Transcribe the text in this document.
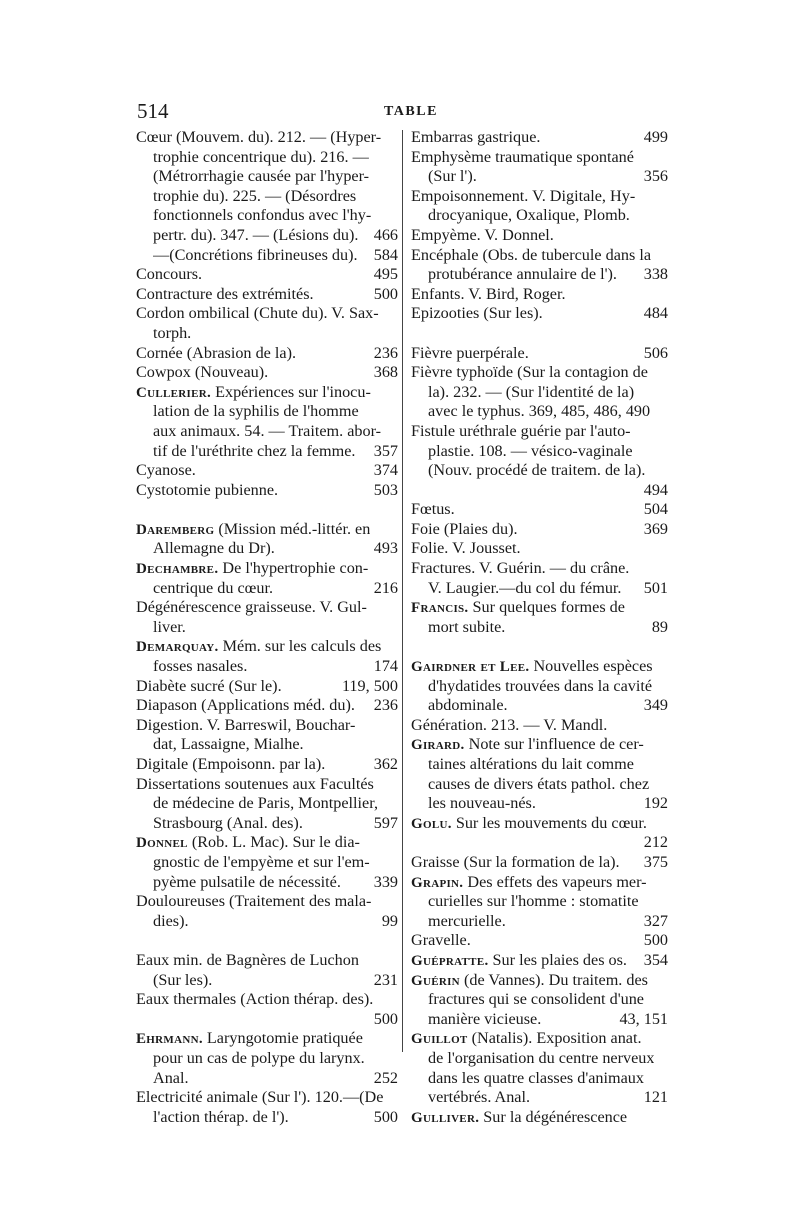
514	TABLE
Cœur (Mouvem. du). 212. — (Hyper-
trophie concentrique du). 216. —
(Métrorrhagie causée par l'hyper-
trophie du). 225. — (Désordres
fonctionnels confondus avec l'hy-
pertr. du). 347. — (Lésions du). 466
—(Concrétions fibrineuses du). 584
Concours.	495
Contracture des extrémités.	500
Cordon ombilical (Chute du). V. Sax-
torph.
Cornée (Abrasion de la).	236
Cowpox (Nouveau).	368
Cullerier. Expériences sur l'inocu-
lation de la syphilis de l'homme
aux animaux. 54. — Traitem. abor-
tif de l'uréthrite chez la femme.	357
Cyanose.	374
Cystotomie pubienne.	503
Daremberg (Mission méd.-littér. en
Allemagne du Dr).	493
Dechambre. De l'hypertrophie con-
centrique du cœur.	216
Dégénérescence graisseuse. V. Gul-
liver.
Demarquay. Mém. sur les calculs des
fosses nasales.	174
Diabète sucré (Sur le).	119, 500
Diapason (Applications méd. du).	236
Digestion. V. Barreswil, Bouchar-
dat, Lassaigne, Mialhe.
Digitale (Empoisonn. par la).	362
Dissertations soutenues aux Facultés
de médecine de Paris, Montpellier,
Strasbourg (Anal. des).	597
Donnel (Rob. L. Mac). Sur le dia-
gnostic de l'empyème et sur l'em-
pyème pulsatile de nécessité.	339
Douloureuses (Traitement des mala-
dies).	99
Eaux min. de Bagnères de Luchon
(Sur les).	231
Eaux thermales (Action thérap. des).
500
Ehrmann. Laryngotomie pratiquée
pour un cas de polype du larynx.
Anal.	252
Electricité animale (Sur l'). 120.—(De
l'action thérap. de l').	500
Embarras gastrique.	499
Emphysème traumatique spontané
(Sur l').	356
Empoisonnement. V. Digitale, Hy-
drocyanique, Oxalique, Plomb.
Empyème. V. Donnel.
Encéphale (Obs. de tubercule dans la
protubérance annulaire de l').	338
Enfants. V. Bird, Roger.
Epizooties (Sur les).	484
Fièvre puerpérale.	506
Fièvre typhoïde (Sur la contagion de
la). 232. — (Sur l'identité de la)
avec le typhus. 369, 485, 486, 490
Fistule uréthrale guérie par l'auto-
plastie. 108. — vésico-vaginale
(Nouv. procédé de traitem. de la).
494
Fœtus.	504
Foie (Plaies du).	369
Folie. V. Jousset.
Fractures. V. Guérin. — du crâne.
V. Laugier.—du col du fémur.	501
Francis. Sur quelques formes de
mort subite.	89
Gairdner et Lee. Nouvelles espèces
d'hydatides trouvées dans la cavité
abdominale.	349
Génération. 213. — V. Mandl.
Girard. Note sur l'influence de cer-
taines altérations du lait comme
causes de divers états pathol. chez
les nouveau-nés.	192
Golu. Sur les mouvements du cœur.
212
Graisse (Sur la formation de la).	375
Grapin. Des effets des vapeurs mer-
curielles sur l'homme : stomatite
mercurielle.	327
Gravelle.	500
Guépratte. Sur les plaies des os.	354
Guérin (de Vannes). Du traitem. des
fractures qui se consolident d'une
manière vicieuse.	43, 151
Guillot (Natalis). Exposition anat.
de l'organisation du centre nerveux
dans les quatre classes d'animaux
vertébrés. Anal.	121
Gulliver. Sur la dégénérescence
